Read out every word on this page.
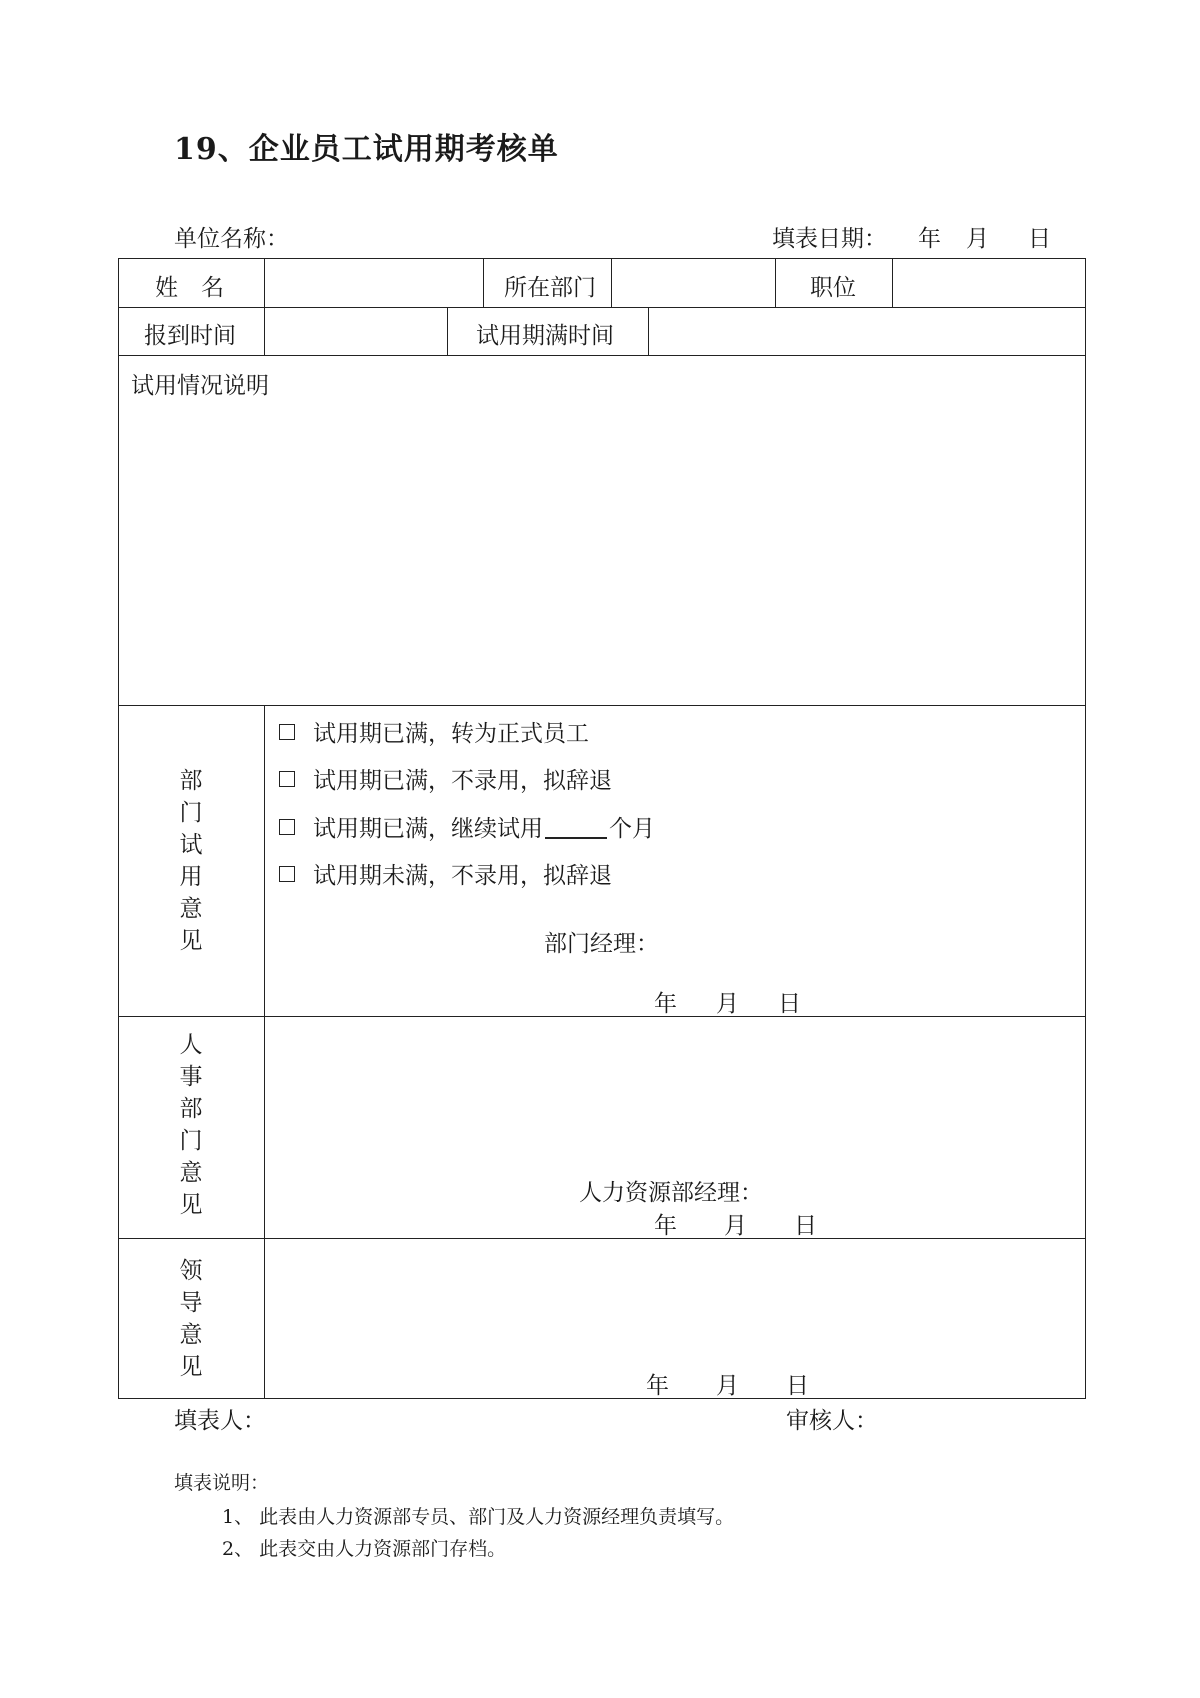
19、企业员工试用期考核单
单位名称：	填表日期： 年 月 日
姓　名	所在部门	职位
报到时间	试用期满时间
试用情况说明
部
门
试
用
意
见
试用期已满，转为正式员工
试用期已满，不录用，拟辞退
试用期已满，继续试用	个月
试用期未满，不录用，拟辞退
部门经理：
年 月 日
人
事
部
门
意
见	人力资源部经理：
年 月 日
领
导
意
见
年 月 日
填表人：	审核人：
填表说明：
1、 此表由人力资源部专员、部门及人力资源经理负责填写。
2、 此表交由人力资源部门存档。
